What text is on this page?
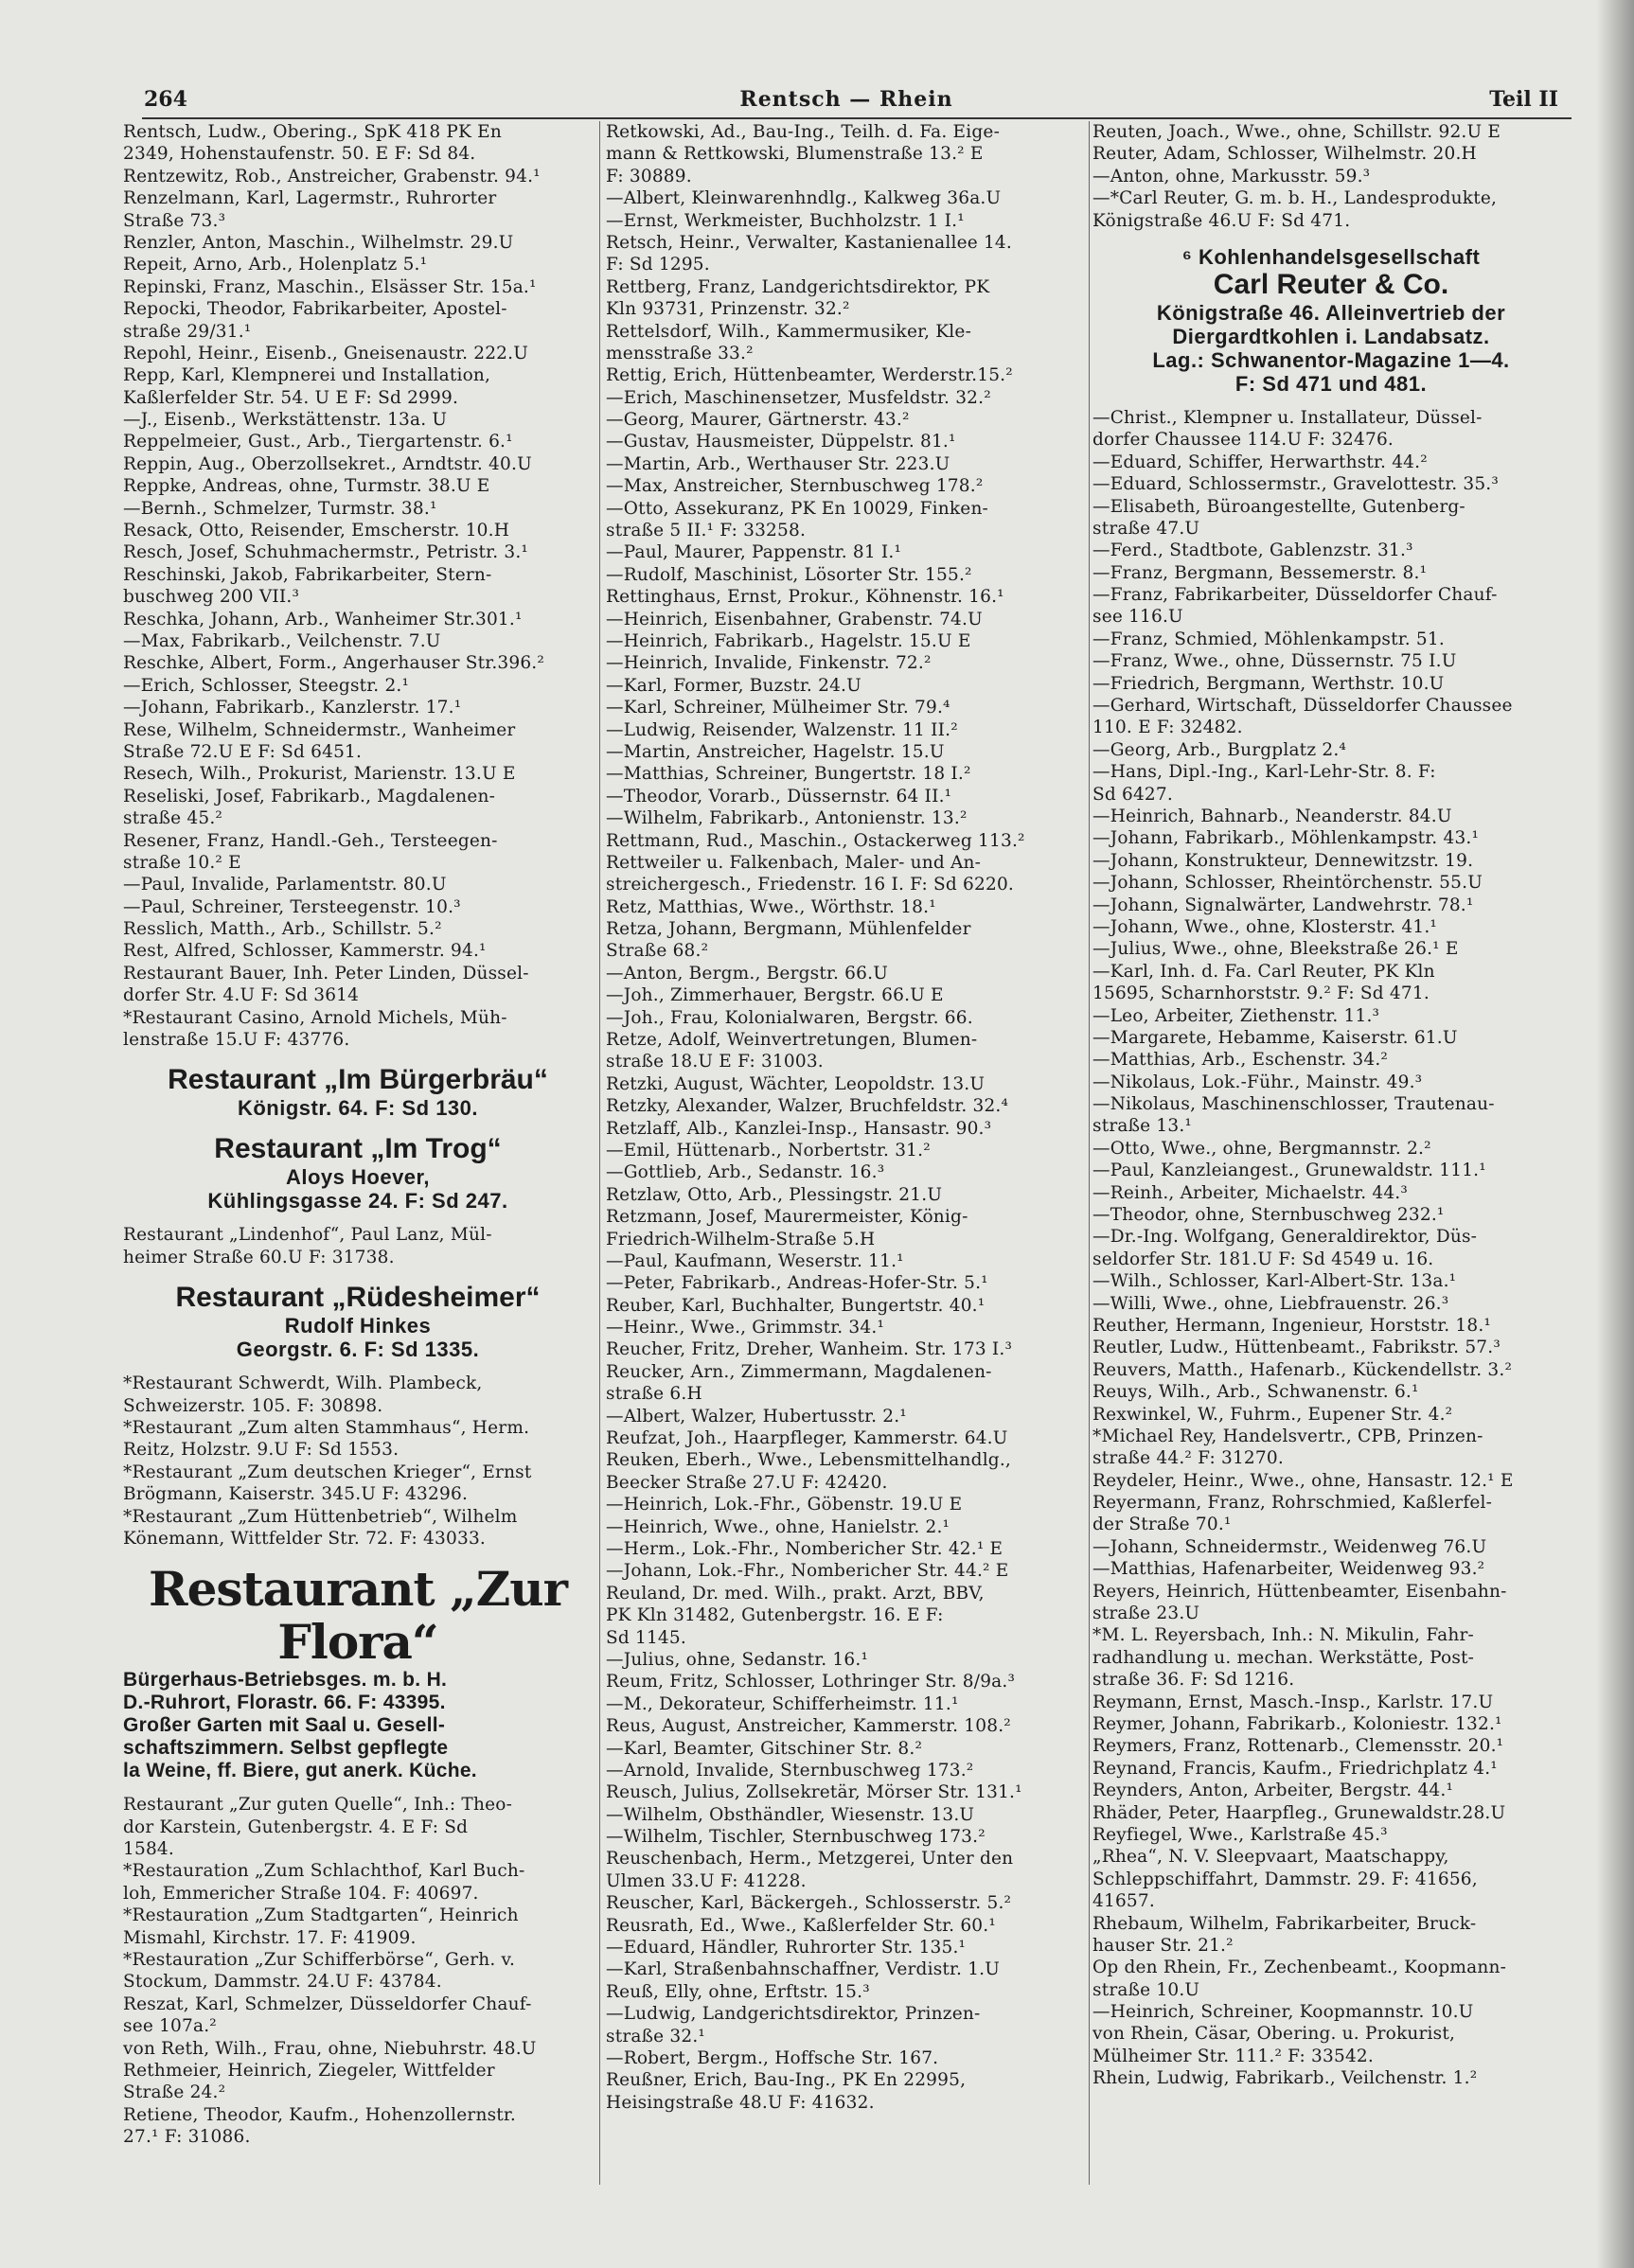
264	Rentsch — Rhein	Teil II
Rentsch, Ludw., Obering., SpK 418 PK En
2349, Hohenstaufenstr. 50. E F: Sd 84.
Rentzewitz, Rob., Anstreicher, Grabenstr. 94.¹
Renzelmann, Karl, Lagermstr., Ruhrorter
Straße 73.³
Renzler, Anton, Maschin., Wilhelmstr. 29.U
Repeit, Arno, Arb., Holenplatz 5.¹
Repinski, Franz, Maschin., Elsässer Str. 15a.¹
Repocki, Theodor, Fabrikarbeiter, Apostel-
straße 29/31.¹
Repohl, Heinr., Eisenb., Gneisenaustr. 222.U
Repp, Karl, Klempnerei und Installation,
Kaßlerfelder Str. 54. U E F: Sd 2999.
—J., Eisenb., Werkstättenstr. 13a. U
Reppelmeier, Gust., Arb., Tiergartenstr. 6.¹
Reppin, Aug., Oberzollsekret., Arndtstr. 40.U
Reppke, Andreas, ohne, Turmstr. 38.U E
—Bernh., Schmelzer, Turmstr. 38.¹
Resack, Otto, Reisender, Emscherstr. 10.H
Resch, Josef, Schuhmachermstr., Petristr. 3.¹
Reschinski, Jakob, Fabrikarbeiter, Stern-
buschweg 200 VII.³
Reschka, Johann, Arb., Wanheimer Str.301.¹
—Max, Fabrikarb., Veilchenstr. 7.U
Reschke, Albert, Form., Angerhauser Str.396.²
—Erich, Schlosser, Steegstr. 2.¹
—Johann, Fabrikarb., Kanzlerstr. 17.¹
Rese, Wilhelm, Schneidermstr., Wanheimer
Straße 72.U E F: Sd 6451.
Resech, Wilh., Prokurist, Marienstr. 13.U E
Reseliski, Josef, Fabrikarb., Magdalenen-
straße 45.²
Resener, Franz, Handl.-Geh., Tersteegen-
straße 10.² E
—Paul, Invalide, Parlamentstr. 80.U
—Paul, Schreiner, Tersteegenstr. 10.³
Resslich, Matth., Arb., Schillstr. 5.²
Rest, Alfred, Schlosser, Kammerstr. 94.¹
Restaurant Bauer, Inh. Peter Linden, Düssel-
dorfer Str. 4.U F: Sd 3614
*Restaurant Casino, Arnold Michels, Müh-
lenstraße 15.U F: 43776.
Restaurant „Im Bürgerbräu“
Königstr. 64. F: Sd 130.
Restaurant „Im Trog“
Aloys Hoever,
Kühlingsgasse 24. F: Sd 247.
Restaurant „Lindenhof“, Paul Lanz, Mül-
heimer Straße 60.U F: 31738.
Restaurant „Rüdesheimer“
Rudolf Hinkes
Georgstr. 6. F: Sd 1335.
*Restaurant Schwerdt, Wilh. Plambeck,
Schweizerstr. 105. F: 30898.
*Restaurant „Zum alten Stammhaus“, Herm.
Reitz, Holzstr. 9.U F: Sd 1553.
*Restaurant „Zum deutschen Krieger“, Ernst
Brögmann, Kaiserstr. 345.U F: 43296.
*Restaurant „Zum Hüttenbetrieb“, Wilhelm
Könemann, Wittfelder Str. 72. F: 43033.
Restaurant „Zur Flora“
Bürgerhaus-Betriebsges. m. b. H.
D.-Ruhrort, Florastr. 66. F: 43395.
Großer Garten mit Saal u. Gesell-
schaftszimmern. Selbst gepflegte
la Weine, ff. Biere, gut anerk. Küche.
Restaurant „Zur guten Quelle“, Inh.: Theo-
dor Karstein, Gutenbergstr. 4. E F: Sd
1584.
*Restauration „Zum Schlachthof, Karl Buch-
loh, Emmericher Straße 104. F: 40697.
*Restauration „Zum Stadtgarten“, Heinrich
Mismahl, Kirchstr. 17. F: 41909.
*Restauration „Zur Schifferbörse“, Gerh. v.
Stockum, Dammstr. 24.U F: 43784.
Reszat, Karl, Schmelzer, Düsseldorfer Chauf-
see 107a.²
von Reth, Wilh., Frau, ohne, Niebuhrstr. 48.U
Rethmeier, Heinrich, Ziegeler, Wittfelder
Straße 24.²
Retiene, Theodor, Kaufm., Hohenzollernstr.
27.¹ F: 31086.
Retkowski, Ad., Bau-Ing., Teilh. d. Fa. Eige-
mann & Rettkowski, Blumenstraße 13.² E
F: 30889.
—Albert, Kleinwarenhndlg., Kalkweg 36a.U
—Ernst, Werkmeister, Buchholzstr. 1 I.¹
Retsch, Heinr., Verwalter, Kastanienallee 14.
F: Sd 1295.
Rettberg, Franz, Landgerichtsdirektor, PK
Kln 93731, Prinzenstr. 32.²
Rettelsdorf, Wilh., Kammermusiker, Kle-
mensstraße 33.²
Rettig, Erich, Hüttenbeamter, Werderstr.15.²
—Erich, Maschinensetzer, Musfeldstr. 32.²
—Georg, Maurer, Gärtnerstr. 43.²
—Gustav, Hausmeister, Düppelstr. 81.¹
—Martin, Arb., Werthauser Str. 223.U
—Max, Anstreicher, Sternbuschweg 178.²
—Otto, Assekuranz, PK En 10029, Finken-
straße 5 II.¹ F: 33258.
—Paul, Maurer, Pappenstr. 81 I.¹
—Rudolf, Maschinist, Lösorter Str. 155.²
Rettinghaus, Ernst, Prokur., Köhnenstr. 16.¹
—Heinrich, Eisenbahner, Grabenstr. 74.U
—Heinrich, Fabrikarb., Hagelstr. 15.U E
—Heinrich, Invalide, Finkenstr. 72.²
—Karl, Former, Buzstr. 24.U
—Karl, Schreiner, Mülheimer Str. 79.⁴
—Ludwig, Reisender, Walzenstr. 11 II.²
—Martin, Anstreicher, Hagelstr. 15.U
—Matthias, Schreiner, Bungertstr. 18 I.²
—Theodor, Vorarb., Düssernstr. 64 II.¹
—Wilhelm, Fabrikarb., Antonienstr. 13.²
Rettmann, Rud., Maschin., Ostackerweg 113.²
Rettweiler u. Falkenbach, Maler- und An-
streichergesch., Friedenstr. 16 I. F: Sd 6220.
Retz, Matthias, Wwe., Wörthstr. 18.¹
Retza, Johann, Bergmann, Mühlenfelder
Straße 68.²
—Anton, Bergm., Bergstr. 66.U
—Joh., Zimmerhauer, Bergstr. 66.U E
—Joh., Frau, Kolonialwaren, Bergstr. 66.
Retze, Adolf, Weinvertretungen, Blumen-
straße 18.U E F: 31003.
Retzki, August, Wächter, Leopoldstr. 13.U
Retzky, Alexander, Walzer, Bruchfeldstr. 32.⁴
Retzlaff, Alb., Kanzlei-Insp., Hansastr. 90.³
—Emil, Hüttenarb., Norbertstr. 31.²
—Gottlieb, Arb., Sedanstr. 16.³
Retzlaw, Otto, Arb., Plessingstr. 21.U
Retzmann, Josef, Maurermeister, König-
Friedrich-Wilhelm-Straße 5.H
—Paul, Kaufmann, Weserstr. 11.¹
—Peter, Fabrikarb., Andreas-Hofer-Str. 5.¹
Reuber, Karl, Buchhalter, Bungertstr. 40.¹
—Heinr., Wwe., Grimmstr. 34.¹
Reucher, Fritz, Dreher, Wanheim. Str. 173 I.³
Reucker, Arn., Zimmermann, Magdalenen-
straße 6.H
—Albert, Walzer, Hubertusstr. 2.¹
Reufzat, Joh., Haarpfleger, Kammerstr. 64.U
Reuken, Eberh., Wwe., Lebensmittelhandlg.,
Beecker Straße 27.U F: 42420.
—Heinrich, Lok.-Fhr., Göbenstr. 19.U E
—Heinrich, Wwe., ohne, Hanielstr. 2.¹
—Herm., Lok.-Fhr., Nombericher Str. 42.¹ E
—Johann, Lok.-Fhr., Nombericher Str. 44.² E
Reuland, Dr. med. Wilh., prakt. Arzt, BBV,
PK Kln 31482, Gutenbergstr. 16. E F:
Sd 1145.
—Julius, ohne, Sedanstr. 16.¹
Reum, Fritz, Schlosser, Lothringer Str. 8/9a.³
—M., Dekorateur, Schifferheimstr. 11.¹
Reus, August, Anstreicher, Kammerstr. 108.²
—Karl, Beamter, Gitschiner Str. 8.²
—Arnold, Invalide, Sternbuschweg 173.²
Reusch, Julius, Zollsekretär, Mörser Str. 131.¹
—Wilhelm, Obsthändler, Wiesenstr. 13.U
—Wilhelm, Tischler, Sternbuschweg 173.²
Reuschenbach, Herm., Metzgerei, Unter den
Ulmen 33.U F: 41228.
Reuscher, Karl, Bäckergeh., Schlosserstr. 5.²
Reusrath, Ed., Wwe., Kaßlerfelder Str. 60.¹
—Eduard, Händler, Ruhrorter Str. 135.¹
—Karl, Straßenbahnschaffner, Verdistr. 1.U
Reuß, Elly, ohne, Erftstr. 15.³
—Ludwig, Landgerichtsdirektor, Prinzen-
straße 32.¹
—Robert, Bergm., Hoffsche Str. 167.
Reußner, Erich, Bau-Ing., PK En 22995,
Heisingstraße 48.U F: 41632.
Reuten, Joach., Wwe., ohne, Schillstr. 92.U E
Reuter, Adam, Schlosser, Wilhelmstr. 20.H
—Anton, ohne, Markusstr. 59.³
—*Carl Reuter, G. m. b. H., Landesprodukte,
Königstraße 46.U F: Sd 471.
⁶ Kohlenhandelsgesellschaft
Carl Reuter & Co.
Königstraße 46. Alleinvertrieb der
Diergardtkohlen i. Landabsatz.
Lag.: Schwanentor-Magazine 1—4.
F: Sd 471 und 481.
—Christ., Klempner u. Installateur, Düssel-
dorfer Chaussee 114.U F: 32476.
—Eduard, Schiffer, Herwarthstr. 44.²
—Eduard, Schlossermstr., Gravelottestr. 35.³
—Elisabeth, Büroangestellte, Gutenberg-
straße 47.U
—Ferd., Stadtbote, Gablenzstr. 31.³
—Franz, Bergmann, Bessemerstr. 8.¹
—Franz, Fabrikarbeiter, Düsseldorfer Chauf-
see 116.U
—Franz, Schmied, Möhlenkampstr. 51.
—Franz, Wwe., ohne, Düssernstr. 75 I.U
—Friedrich, Bergmann, Werthstr. 10.U
—Gerhard, Wirtschaft, Düsseldorfer Chaussee
110. E F: 32482.
—Georg, Arb., Burgplatz 2.⁴
—Hans, Dipl.-Ing., Karl-Lehr-Str. 8. F:
Sd 6427.
—Heinrich, Bahnarb., Neanderstr. 84.U
—Johann, Fabrikarb., Möhlenkampstr. 43.¹
—Johann, Konstrukteur, Dennewitzstr. 19.
—Johann, Schlosser, Rheintörchenstr. 55.U
—Johann, Signalwärter, Landwehrstr. 78.¹
—Johann, Wwe., ohne, Klosterstr. 41.¹
—Julius, Wwe., ohne, Bleekstraße 26.¹ E
—Karl, Inh. d. Fa. Carl Reuter, PK Kln
15695, Scharnhorststr. 9.² F: Sd 471.
—Leo, Arbeiter, Ziethenstr. 11.³
—Margarete, Hebamme, Kaiserstr. 61.U
—Matthias, Arb., Eschenstr. 34.²
—Nikolaus, Lok.-Führ., Mainstr. 49.³
—Nikolaus, Maschinenschlosser, Trautenau-
straße 13.¹
—Otto, Wwe., ohne, Bergmannstr. 2.²
—Paul, Kanzleiangest., Grunewaldstr. 111.¹
—Reinh., Arbeiter, Michaelstr. 44.³
—Theodor, ohne, Sternbuschweg 232.¹
—Dr.-Ing. Wolfgang, Generaldirektor, Düs-
seldorfer Str. 181.U F: Sd 4549 u. 16.
—Wilh., Schlosser, Karl-Albert-Str. 13a.¹
—Willi, Wwe., ohne, Liebfrauenstr. 26.³
Reuther, Hermann, Ingenieur, Horststr. 18.¹
Reutler, Ludw., Hüttenbeamt., Fabrikstr. 57.³
Reuvers, Matth., Hafenarb., Kückendellstr. 3.²
Reuys, Wilh., Arb., Schwanenstr. 6.¹
Rexwinkel, W., Fuhrm., Eupener Str. 4.²
*Michael Rey, Handelsvertr., CPB, Prinzen-
straße 44.² F: 31270.
Reydeler, Heinr., Wwe., ohne, Hansastr. 12.¹ E
Reyermann, Franz, Rohrschmied, Kaßlerfel-
der Straße 70.¹
—Johann, Schneidermstr., Weidenweg 76.U
—Matthias, Hafenarbeiter, Weidenweg 93.²
Reyers, Heinrich, Hüttenbeamter, Eisenbahn-
straße 23.U
*M. L. Reyersbach, Inh.: N. Mikulin, Fahr-
radhandlung u. mechan. Werkstätte, Post-
straße 36. F: Sd 1216.
Reymann, Ernst, Masch.-Insp., Karlstr. 17.U
Reymer, Johann, Fabrikarb., Koloniestr. 132.¹
Reymers, Franz, Rottenarb., Clemensstr. 20.¹
Reynand, Francis, Kaufm., Friedrichplatz 4.¹
Reynders, Anton, Arbeiter, Bergstr. 44.¹
Rhäder, Peter, Haarpfleg., Grunewaldstr.28.U
Reyfiegel, Wwe., Karlstraße 45.³
„Rhea“, N. V. Sleepvaart, Maatschappy,
Schleppschiffahrt, Dammstr. 29. F: 41656,
41657.
Rhebaum, Wilhelm, Fabrikarbeiter, Bruck-
hauser Str. 21.²
Op den Rhein, Fr., Zechenbeamt., Koopmann-
straße 10.U
—Heinrich, Schreiner, Koopmannstr. 10.U
von Rhein, Cäsar, Obering. u. Prokurist,
Mülheimer Str. 111.² F: 33542.
Rhein, Ludwig, Fabrikarb., Veilchenstr. 1.²
